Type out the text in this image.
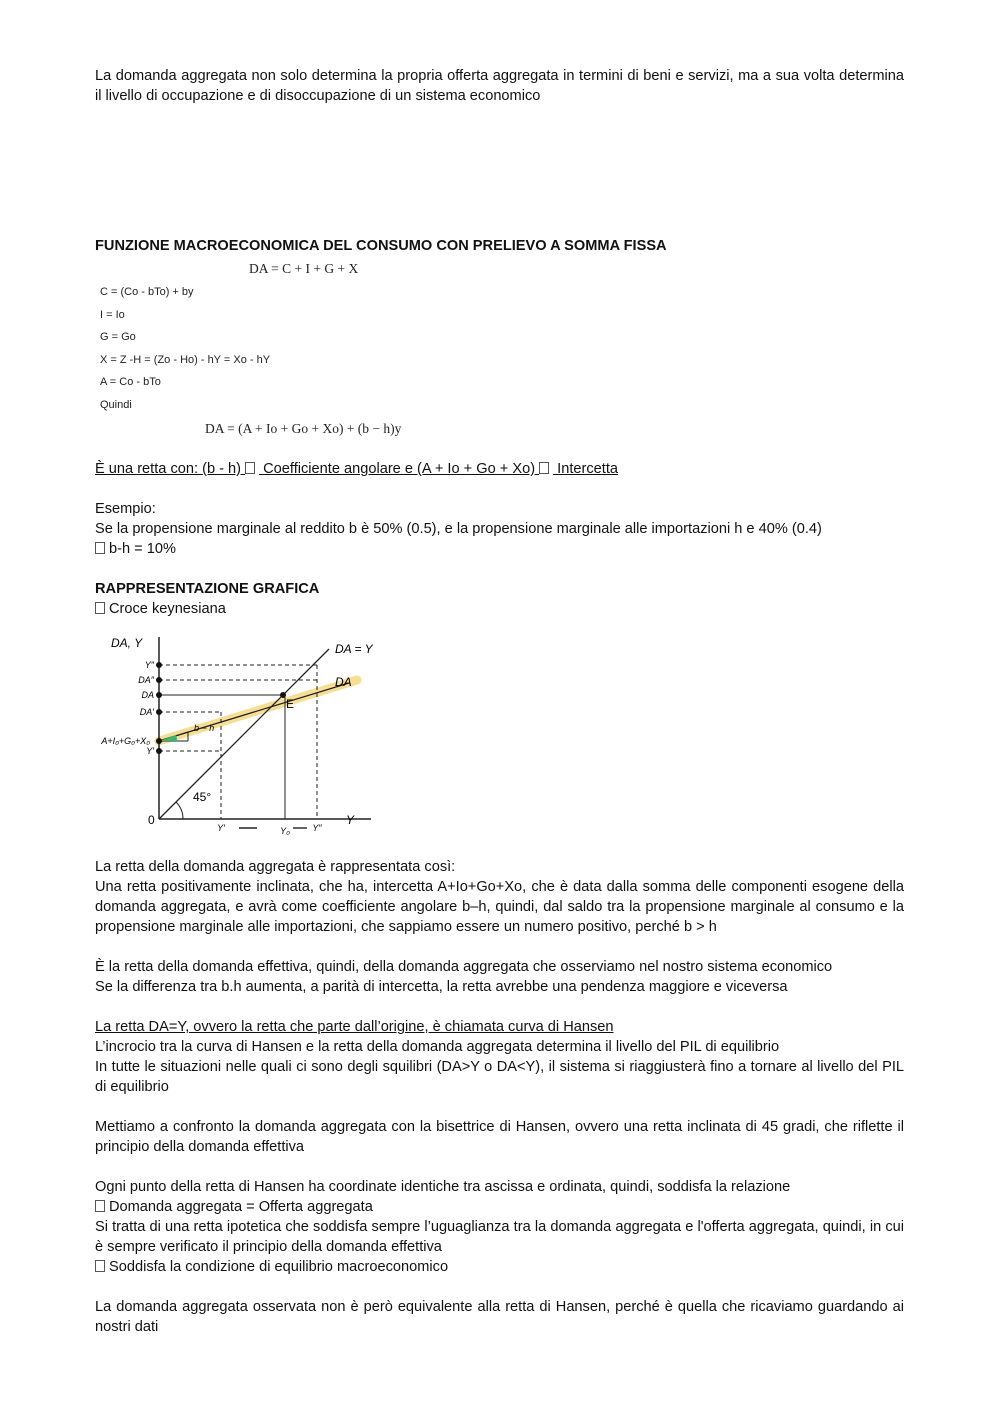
La domanda aggregata non solo determina la propria offerta aggregata in termini di beni e servizi, ma a sua volta determina il livello di occupazione e di disoccupazione di un sistema economico

FUNZIONE MACROECONOMICA DEL CONSUMO CON PRELIEVO A SOMMA FISSA
DA = C + I + G + X
C = (Co - bTo) + by
I = Io
G = Go
X = Z -H = (Zo - Ho) - hY = Xo - hY
A = Co - bTo
Quindi
DA = (A + Io + Go + Xo) + (b − h)y

È una retta con: (b - h)  Coefficiente angolare e (A + Io + Go + Xo)  Intercetta

Esempio:

Se la propensione marginale al reddito b è 50% (0.5), e la propensione marginale alle importazioni h e 40% (0.4)

b-h = 10%

RAPPRESENTAZIONE GRAFICA

Croce keynesiana

DA, Y	DA = Y
DA
E
45°
b − h
0	Y
Y″
DA″
DA
DA′
A+I₀+G₀+X₀
Y′
Y′	Y₀	Y″

La retta della domanda aggregata è rappresentata così:

Una retta positivamente inclinata, che ha, intercetta A+Io+Go+Xo, che è data dalla somma delle componenti esogene della domanda aggregata, e avrà come coefficiente angolare b–h, quindi, dal saldo tra la propensione marginale al consumo e la propensione marginale alle importazioni, che sappiamo essere un numero positivo, perché b > h

È la retta della domanda effettiva, quindi, della domanda aggregata che osserviamo nel nostro sistema economico

Se la differenza tra b.h aumenta, a parità di intercetta, la retta avrebbe una pendenza maggiore e viceversa

La retta DA=Y, ovvero la retta che parte dall’origine, è chiamata curva di Hansen

L’incrocio tra la curva di Hansen e la retta della domanda aggregata determina il livello del PIL di equilibrio

In tutte le situazioni nelle quali ci sono degli squilibri (DA>Y o DA<Y), il sistema si riaggiusterà fino a tornare al livello del PIL di equilibrio

Mettiamo a confronto la domanda aggregata con la bisettrice di Hansen, ovvero una retta inclinata di 45 gradi, che riflette il principio della domanda effettiva

Ogni punto della retta di Hansen ha coordinate identiche tra ascissa e ordinata, quindi, soddisfa la relazione

Domanda aggregata = Offerta aggregata

Si tratta di una retta ipotetica che soddisfa sempre l’uguaglianza tra la domanda aggregata e l'offerta aggregata, quindi, in cui è sempre verificato il principio della domanda effettiva

Soddisfa la condizione di equilibrio macroeconomico

La domanda aggregata osservata non è però equivalente alla retta di Hansen, perché è quella che ricaviamo guardando ai nostri dati
